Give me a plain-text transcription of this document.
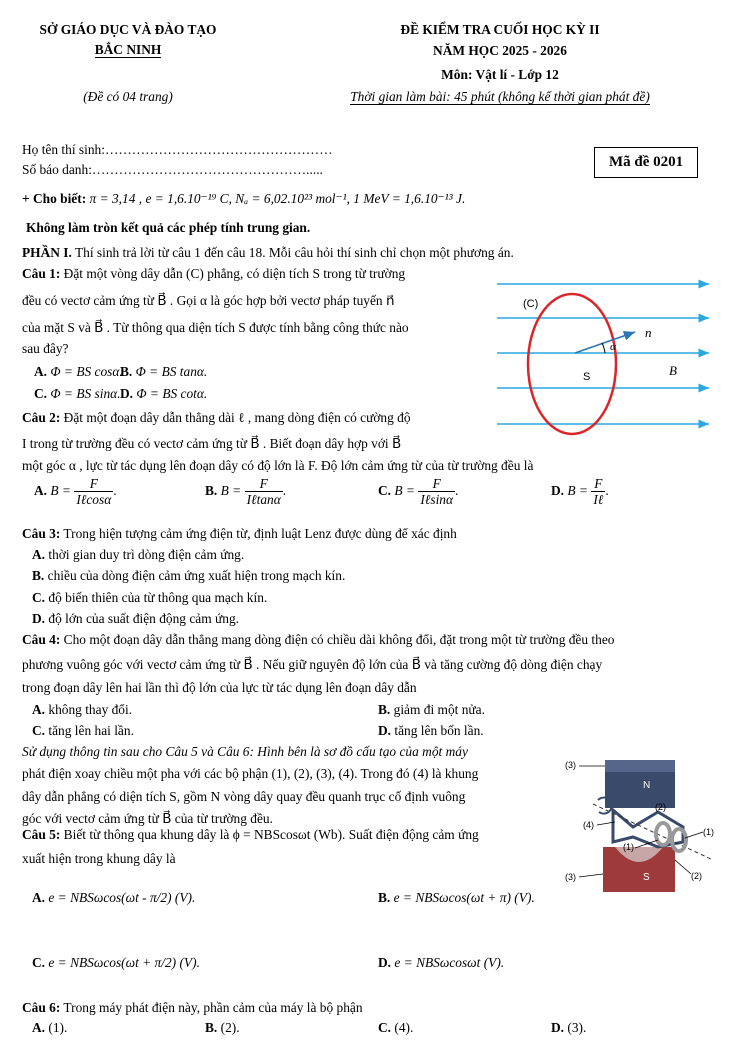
SỞ GIÁO DỤC VÀ ĐÀO TẠO
BẮC NINH
(Đề có 04 trang)
ĐỀ KIỂM TRA CUỐI HỌC KỲ II
NĂM HỌC 2025 - 2026
Môn: Vật lí - Lớp 12
Thời gian làm bài: 45 phút (không kể thời gian phát đề)
Họ tên thí sinh:……………………………………………
Số báo danh:………………………………………….....	Mã đề 0201
+ Cho biết: π = 3,14 , e = 1,6.10⁻¹⁹ C, Nₐ = 6,02.10²³ mol⁻¹, 1 MeV = 1,6.10⁻¹³ J.
Không làm tròn kết quả các phép tính trung gian.
PHẦN I. Thí sinh trả lời từ câu 1 đến câu 18. Mỗi câu hỏi thí sinh chỉ chọn một phương án.
Câu 1: Đặt một vòng dây dẫn (C) phẳng, có diện tích S trong từ trường
đều có vectơ cảm ứng từ B⃗ . Gọi α là góc hợp bởi vectơ pháp tuyến n⃗
của mặt S và B⃗ . Từ thông qua diện tích S được tính bằng công thức nào
sau đây?
A. Φ = BS cosα.
B. Φ = BS tanα.
C. Φ = BS sinα. D. Φ = BS cotα.
(C)
n⃗
α
S	B⃗
Câu 2: Đặt một đoạn dây dẫn thẳng dài ℓ , mang dòng điện có cường độ
I trong từ trường đều có vectơ cảm ứng từ B⃗ . Biết đoạn dây hợp với B⃗
một góc α , lực từ tác dụng lên đoạn dây có độ lớn là F. Độ lớn cảm ứng từ của từ trường đều là
A. $B = \frac{F}{\text{Iℓcosα}}$ .	B. $B = \frac{F}{\text{Iℓtanα}}$ .	C. $B = \frac{F}{\text{Iℓsinα}}$ .	D. $B = \frac{F}{\text{Iℓ}}$ .
Câu 3: Trong hiện tượng cảm ứng điện từ, định luật Lenz được dùng để xác định
A. thời gian duy trì dòng điện cảm ứng.
B. chiều của dòng điện cảm ứng xuất hiện trong mạch kín.
C. độ biến thiên của từ thông qua mạch kín.
D. độ lớn của suất điện động cảm ứng.
Câu 4: Cho một đoạn dây dẫn thẳng mang dòng điện có chiều dài không đổi, đặt trong một từ trường đều theo
phương vuông góc với vectơ cảm ứng từ B⃗ . Nếu giữ nguyên độ lớn của B⃗ và tăng cường độ dòng điện chạy
trong đoạn dây lên hai lần thì độ lớn của lực từ tác dụng lên đoạn dây dẫn
A. không thay đổi.	B. giảm đi một nửa.
C. tăng lên hai lần.	D. tăng lên bốn lần.
Sử dụng thông tin sau cho Câu 5 và Câu 6: Hình bên là sơ đồ cấu tạo của một máy
phát điện xoay chiều một pha với các bộ phận (1), (2), (3), (4). Trong đó (4) là khung
dây dẫn phẳng có diện tích S, gồm N vòng dây quay đều quanh trục cố định vuông
góc với vectơ cảm ứng từ B⃗ của từ trường đều.
N
S
(3)
(2)
(4)
(1)
(1)
(3)	(2)
Câu 5: Biết từ thông qua khung dây là ϕ = NBScosωt (Wb). Suất điện động cảm ứng
xuất hiện trong khung dây là
A. e = NBSωcos(ωt - π/2) (V).	B. e = NBSωcos(ωt + π) (V).
C. e = NBSωcos(ωt + π/2) (V).	D. e = NBSωcosωt (V).
Câu 6: Trong máy phát điện này, phần cảm của máy là bộ phận
A. (1).	B. (2).	C. (4).	D. (3).
